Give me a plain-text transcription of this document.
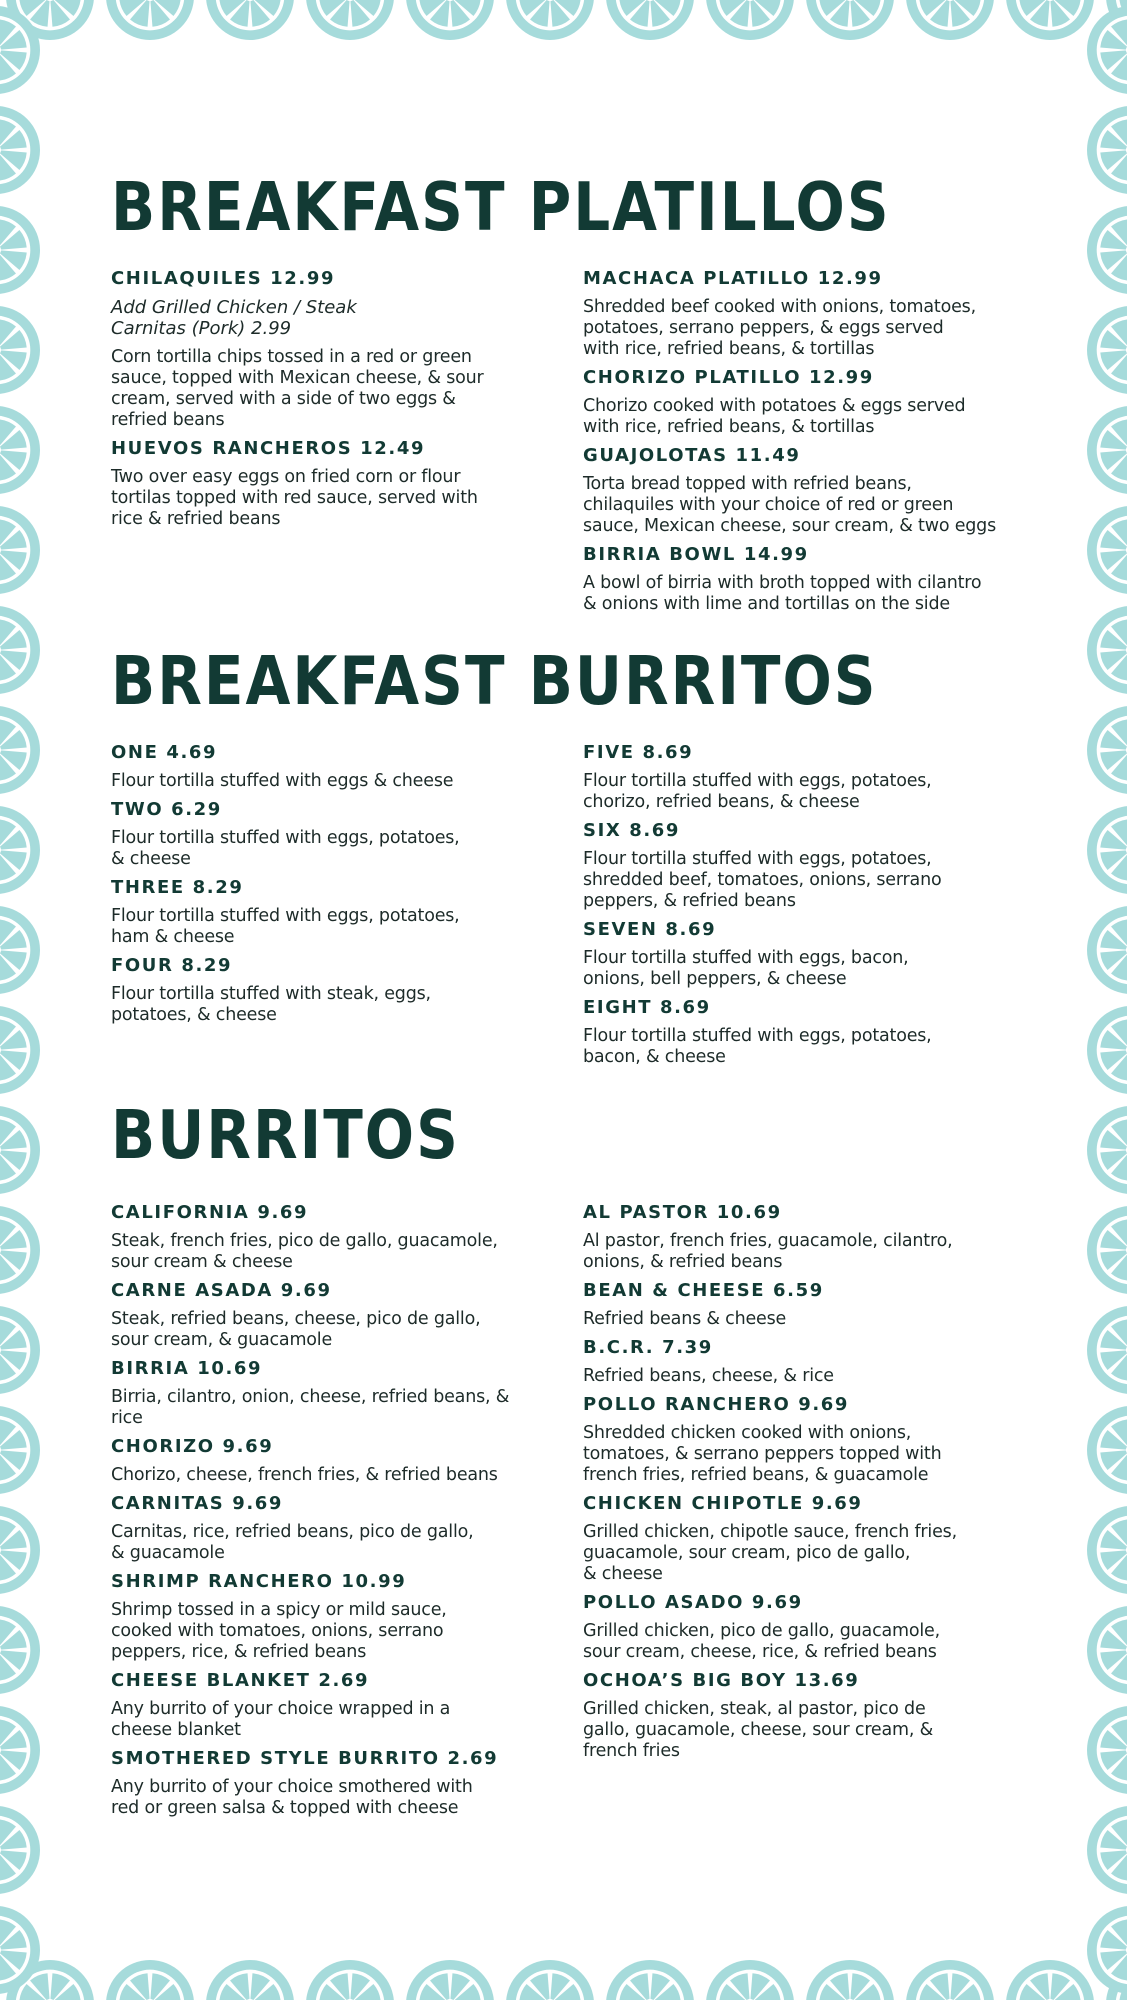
BREAKFAST PLATILLOS
CHILAQUILES 12.99
Add Grilled Chicken / Steak
Carnitas (Pork) 2.99
Corn tortilla chips tossed in a red or green
sauce, topped with Mexican cheese, & sour
cream, served with a side of two eggs &
refried beans
HUEVOS RANCHEROS 12.49
Two over easy eggs on fried corn or flour
tortilas topped with red sauce, served with
rice & refried beans
MACHACA PLATILLO 12.99
Shredded beef cooked with onions, tomatoes,
potatoes, serrano peppers, & eggs served
with rice, refried beans, & tortillas
CHORIZO PLATILLO 12.99
Chorizo cooked with potatoes & eggs served
with rice, refried beans, & tortillas
GUAJOLOTAS 11.49
Torta bread topped with refried beans,
chilaquiles with your choice of red or green
sauce, Mexican cheese, sour cream, & two eggs
BIRRIA BOWL 14.99
A bowl of birria with broth topped with cilantro
& onions with lime and tortillas on the side
BREAKFAST BURRITOS
ONE 4.69
Flour tortilla stuffed with eggs & cheese
TWO 6.29
Flour tortilla stuffed with eggs, potatoes,
& cheese
THREE 8.29
Flour tortilla stuffed with eggs, potatoes,
ham & cheese
FOUR 8.29
Flour tortilla stuffed with steak, eggs,
potatoes, & cheese
FIVE 8.69
Flour tortilla stuffed with eggs, potatoes,
chorizo, refried beans, & cheese
SIX 8.69
Flour tortilla stuffed with eggs, potatoes,
shredded beef, tomatoes, onions, serrano
peppers, & refried beans
SEVEN 8.69
Flour tortilla stuffed with eggs, bacon,
onions, bell peppers, & cheese
EIGHT 8.69
Flour tortilla stuffed with eggs, potatoes,
bacon, & cheese
BURRITOS
CALIFORNIA 9.69
Steak, french fries, pico de gallo, guacamole,
sour cream & cheese
CARNE ASADA 9.69
Steak, refried beans, cheese, pico de gallo,
sour cream, & guacamole
BIRRIA 10.69
Birria, cilantro, onion, cheese, refried beans, &
rice
CHORIZO 9.69
Chorizo, cheese, french fries, & refried beans
CARNITAS 9.69
Carnitas, rice, refried beans, pico de gallo,
& guacamole
SHRIMP RANCHERO 10.99
Shrimp tossed in a spicy or mild sauce,
cooked with tomatoes, onions, serrano
peppers, rice, & refried beans
CHEESE BLANKET 2.69
Any burrito of your choice wrapped in a
cheese blanket
SMOTHERED STYLE BURRITO 2.69
Any burrito of your choice smothered with
red or green salsa & topped with cheese
AL PASTOR 10.69
Al pastor, french fries, guacamole, cilantro,
onions, & refried beans
BEAN & CHEESE 6.59
Refried beans & cheese
B.C.R. 7.39
Refried beans, cheese, & rice
POLLO RANCHERO 9.69
Shredded chicken cooked with onions,
tomatoes, & serrano peppers topped with
french fries, refried beans, & guacamole
CHICKEN CHIPOTLE 9.69
Grilled chicken, chipotle sauce, french fries,
guacamole, sour cream, pico de gallo,
& cheese
POLLO ASADO 9.69
Grilled chicken, pico de gallo, guacamole,
sour cream, cheese, rice, & refried beans
OCHOA’S BIG BOY 13.69
Grilled chicken, steak, al pastor, pico de
gallo, guacamole, cheese, sour cream, &
french fries
